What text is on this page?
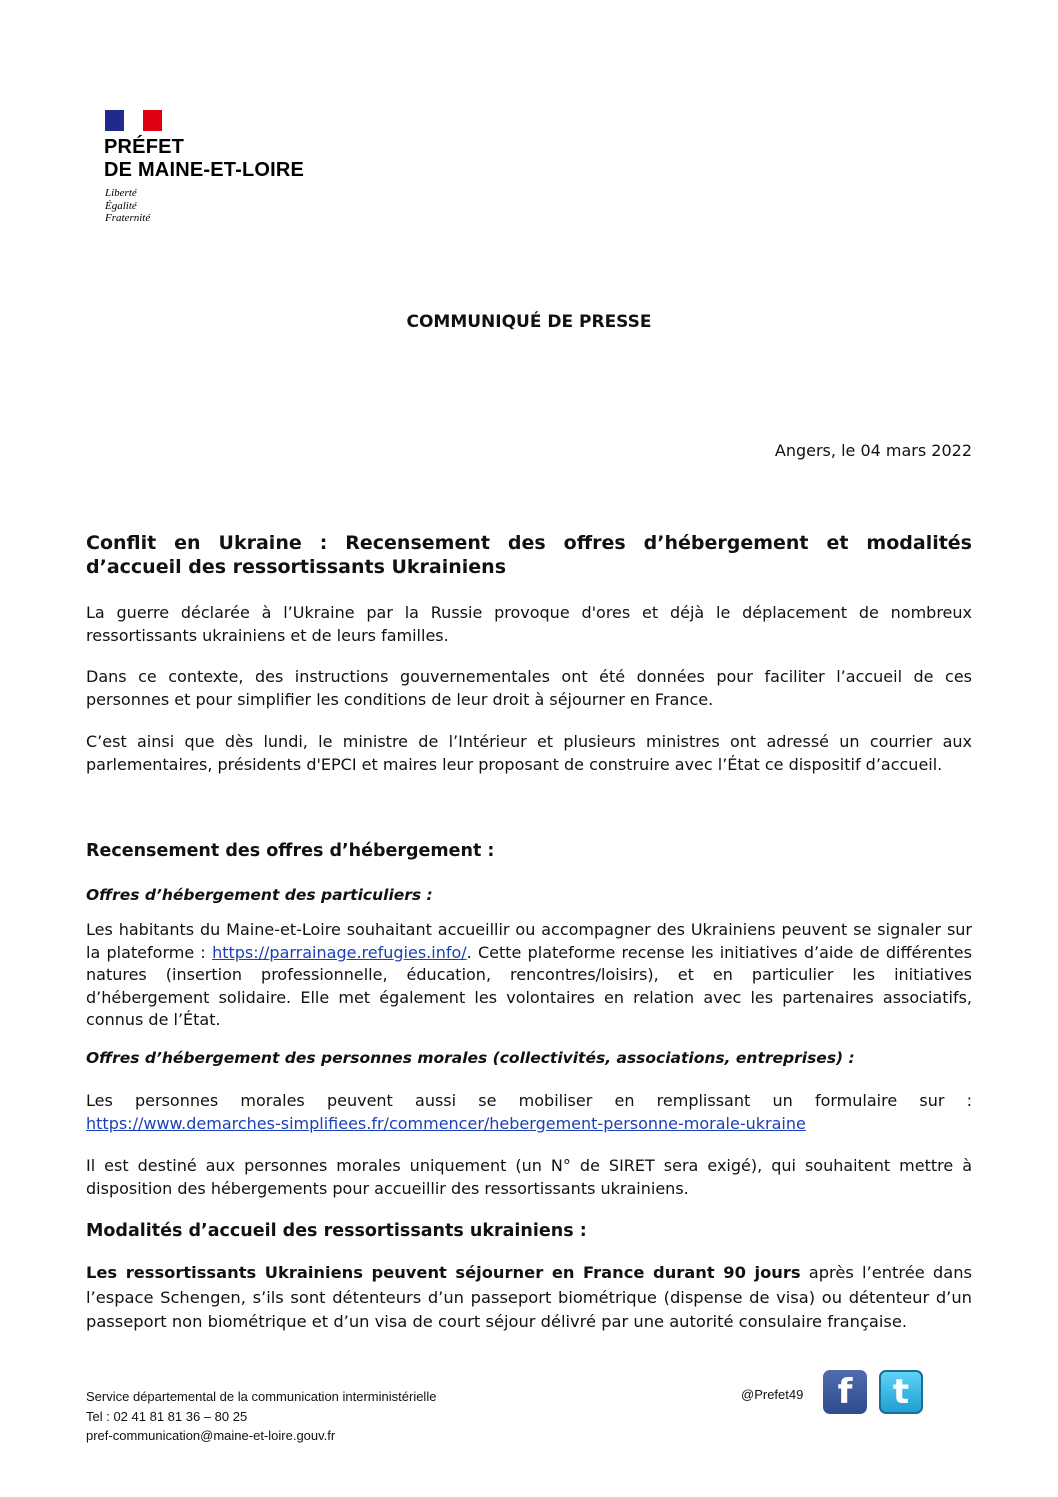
PRÉFET
DE MAINE-ET-LOIRE
Liberté
Égalité
Fraternité
COMMUNIQUÉ DE PRESSE
Angers, le 04 mars 2022
Conflit en Ukraine : Recensement des offres d’hébergement et modalités d’accueil des ressortissants Ukrainiens

La guerre déclarée à l’Ukraine par la Russie provoque d'ores et déjà le déplacement de nombreux ressortissants ukrainiens et de leurs familles.

Dans ce contexte, des instructions gouvernementales ont été données pour faciliter l’accueil de ces personnes et pour simplifier les conditions de leur droit à séjourner en France.

C’est ainsi que dès lundi, le ministre de l’Intérieur et plusieurs ministres ont adressé un courrier aux parlementaires, présidents d'EPCI et maires leur proposant de construire avec l’État ce dispositif d’accueil.

Recensement des offres d’hébergement :
Offres d’hébergement des particuliers :

Les habitants du Maine-et-Loire souhaitant accueillir ou accompagner des Ukrainiens peuvent se signaler sur la plateforme : https://parrainage.refugies.info/. Cette plateforme recense les initiatives d’aide de différentes natures (insertion professionnelle, éducation, rencontres/loisirs), et en particulier les initiatives d’hébergement solidaire. Elle met également les volontaires en relation avec les partenaires associatifs, connus de l’État.

Offres d’hébergement des personnes morales (collectivités, associations, entreprises) :

Les personnes morales peuvent aussi se mobiliser en remplissant un formulaire sur :

https://www.demarches-simplifiees.fr/commencer/hebergement-personne-morale-ukraine

Il est destiné aux personnes morales uniquement (un N° de SIRET sera exigé), qui souhaitent mettre à disposition des hébergements pour accueillir des ressortissants ukrainiens.

Modalités d’accueil des ressortissants ukrainiens :

Les ressortissants Ukrainiens peuvent séjourner en France durant 90 jours après l’entrée dans l’espace Schengen, s’ils sont détenteurs d’un passeport biométrique (dispense de visa) ou détenteur d’un passeport non biométrique et d’un visa de court séjour délivré par une autorité consulaire française.

Service départemental de la communication interministérielle
Tel : 02 41 81 81 36 – 80 25
pref-communication@maine-et-loire.gouv.fr
@Prefet49	f	t
